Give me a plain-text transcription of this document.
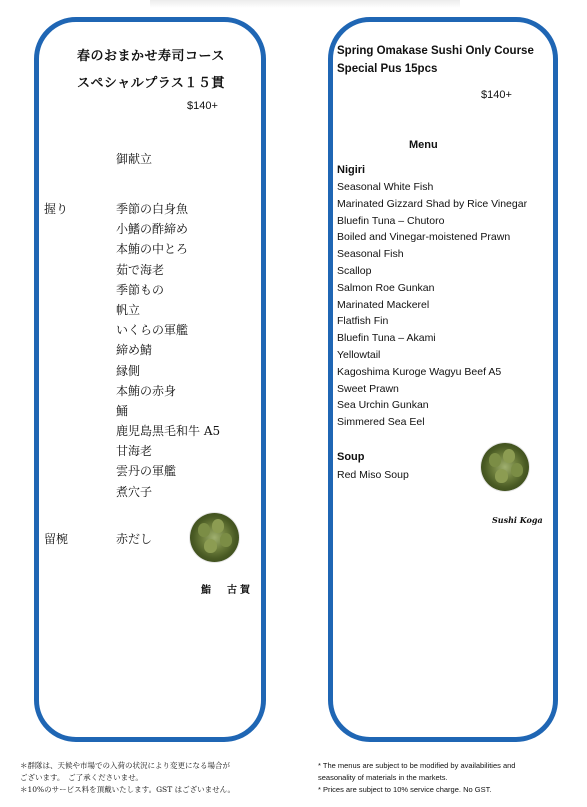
春のおまかせ寿司コース
スペシャルプラス１５貫
$140+
御献立
握り	季節の白身魚
小鰭の酢締め
本鮪の中とろ
茹で海老
季節もの
帆立
いくらの軍艦
締め鯖
縁側
本鮪の赤身
鯒
鹿児島黒毛和牛 A5
甘海老
雲丹の軍艦
煮穴子
留椀	赤だし
鮨　古賀
Spring Omakase Sushi Only Course
Special Pus 15pcs
$140+
Menu
Nigiri
Seasonal White Fish
Marinated Gizzard Shad by Rice Vinegar
Bluefin Tuna – Chutoro
Boiled and Vinegar-moistened Prawn
Seasonal Fish
Scallop
Salmon Roe Gunkan
Marinated Mackerel
Flatfish Fin
Bluefin Tuna – Akami
Yellowtail
Kagoshima Kuroge Wagyu Beef A5
Sweet Prawn
Sea Urchin Gunkan
Simmered Sea Eel
Soup
Red Miso Soup
Sushi Koga
＊群隊は、天候や市場での入荷の状況により変更になる場合が
ございます。　ご了承くださいませ。
＊10%のサービス料を頂戴いたします。GST はございません。
* The menus are subject to be modified by availabilities and
seasonality of materials in the markets.
* Prices are subject to 10% service charge. No GST.
